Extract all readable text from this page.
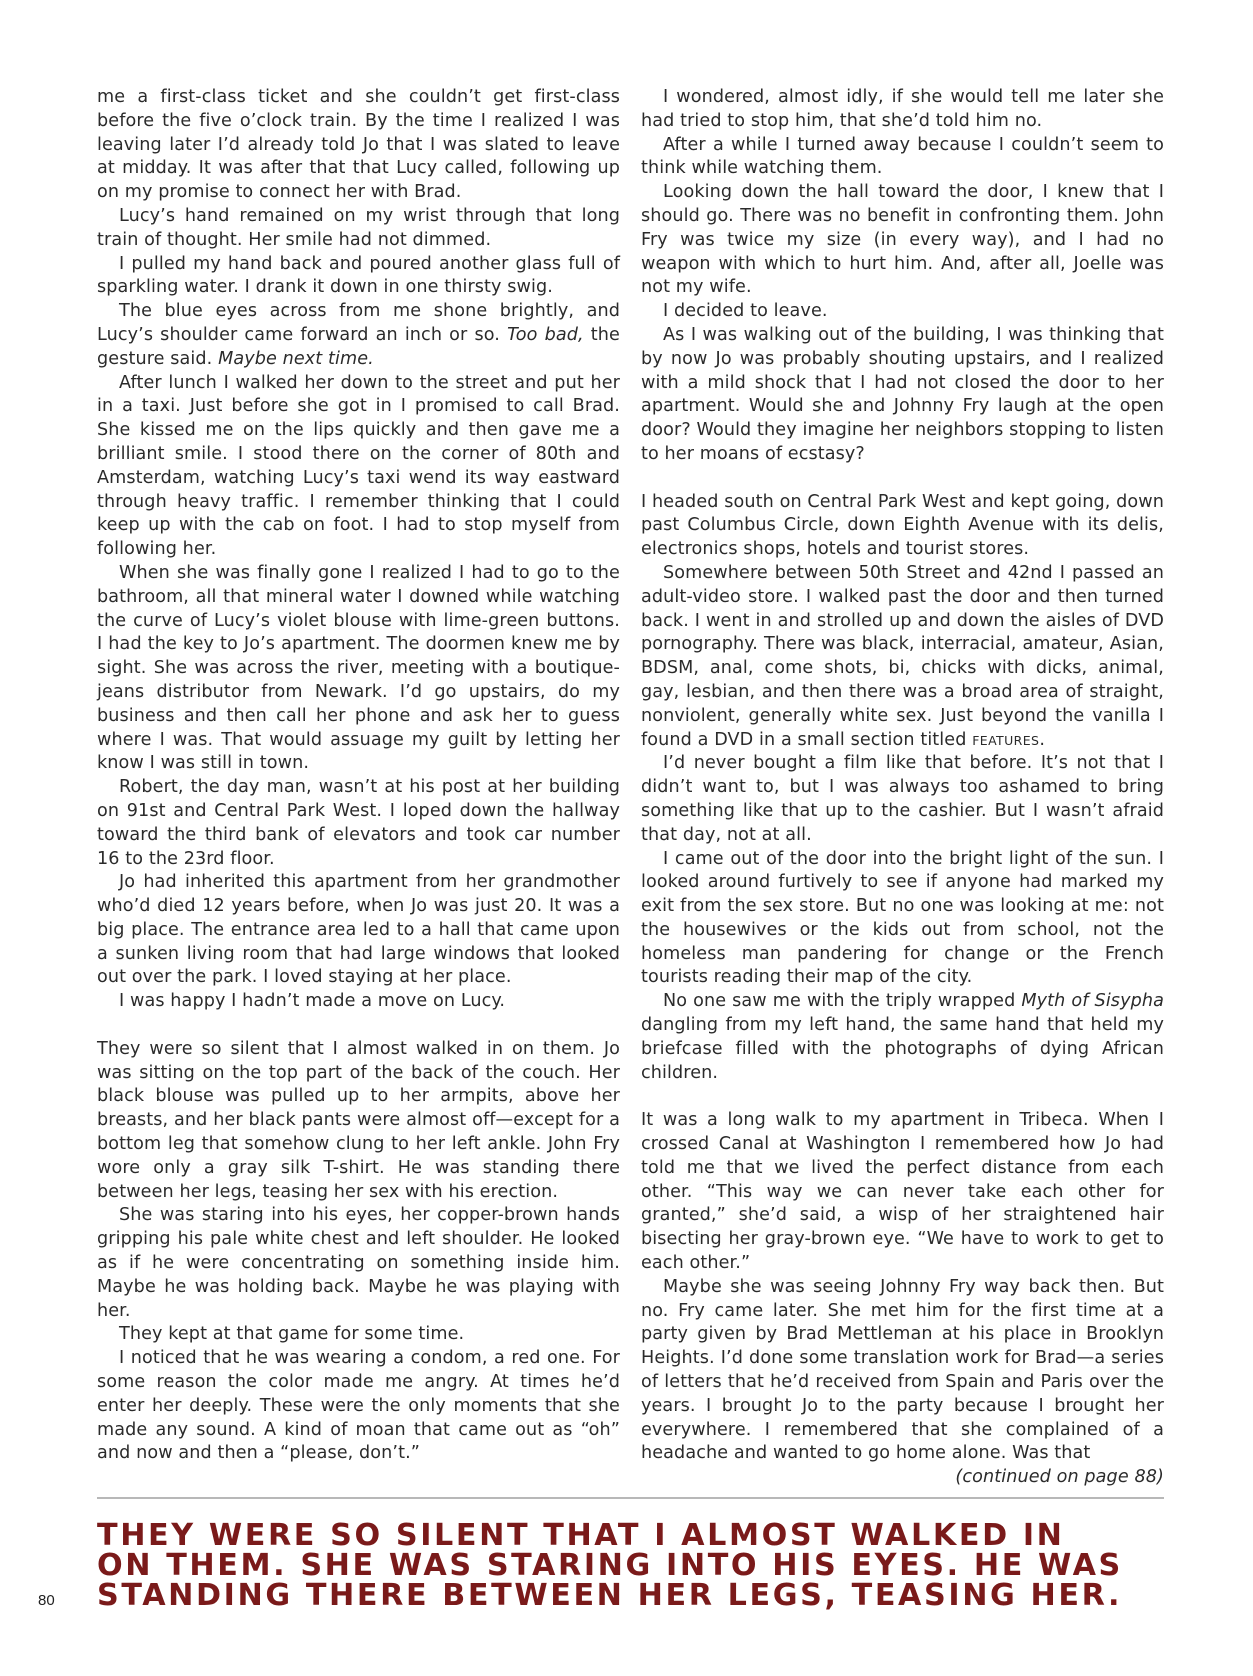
me a first-class ticket and she couldn’t get first-class before the five o’clock train. By the time I realized I was leaving later I’d already told Jo that I was slated to leave at midday. It was after that that Lucy called, following up on my promise to connect her with Brad.

Lucy’s hand remained on my wrist through that long train of thought. Her smile had not dimmed.

I pulled my hand back and poured another glass full of sparkling water. I drank it down in one thirsty swig.

The blue eyes across from me shone brightly, and Lucy’s shoulder came forward an inch or so. Too bad, the gesture said. Maybe next time.

After lunch I walked her down to the street and put her in a taxi. Just before she got in I promised to call Brad. She kissed me on the lips quickly and then gave me a brilliant smile. I stood there on the corner of 80th and Amsterdam, watching Lucy’s taxi wend its way eastward through heavy traffic. I remember thinking that I could keep up with the cab on foot. I had to stop myself from following her.

When she was finally gone I realized I had to go to the bathroom, all that mineral water I downed while watching the curve of Lucy’s violet blouse with lime-green buttons. I had the key to Jo’s apartment. The doormen knew me by sight. She was across the river, meeting with a boutique-jeans distributor from Newark. I’d go upstairs, do my business and then call her phone and ask her to guess where I was. That would assuage my guilt by letting her know I was still in town.

Robert, the day man, wasn’t at his post at her building on 91st and Central Park West. I loped down the hallway toward the third bank of elevators and took car number 16 to the 23rd floor.

Jo had inherited this apartment from her grandmother who’d died 12 years before, when Jo was just 20. It was a big place. The entrance area led to a hall that came upon a sunken living room that had large windows that looked out over the park. I loved staying at her place.

I was happy I hadn’t made a move on Lucy.

They were so silent that I almost walked in on them. Jo was sitting on the top part of the back of the couch. Her black blouse was pulled up to her armpits, above her breasts, and her black pants were almost off—except for a bottom leg that somehow clung to her left ankle. John Fry wore only a gray silk T-shirt. He was standing there between her legs, teasing her sex with his erection.

She was staring into his eyes, her copper-brown hands gripping his pale white chest and left shoulder. He looked as if he were concentrating on something inside him. Maybe he was holding back. Maybe he was playing with her.

They kept at that game for some time.

I noticed that he was wearing a condom, a red one. For some reason the color made me angry. At times he’d enter her deeply. These were the only moments that she made any sound. A kind of moan that came out as “oh” and now and then a “please, don’t.”

I wondered, almost idly, if she would tell me later she had tried to stop him, that she’d told him no.

After a while I turned away because I couldn’t seem to think while watching them.

Looking down the hall toward the door, I knew that I should go. There was no benefit in confronting them. John Fry was twice my size (in every way), and I had no weapon with which to hurt him. And, after all, Joelle was not my wife.

I decided to leave.

As I was walking out of the building, I was thinking that by now Jo was probably shouting upstairs, and I realized with a mild shock that I had not closed the door to her apartment. Would she and Johnny Fry laugh at the open door? Would they imagine her neighbors stopping to listen to her moans of ecstasy?

I headed south on Central Park West and kept going, down past Columbus Circle, down Eighth Avenue with its delis, electronics shops, hotels and tourist stores.

Somewhere between 50th Street and 42nd I passed an adult-video store. I walked past the door and then turned back. I went in and strolled up and down the aisles of DVD pornography. There was black, interracial, amateur, Asian, BDSM, anal, come shots, bi, chicks with dicks, animal, gay, lesbian, and then there was a broad area of straight, nonviolent, generally white sex. Just beyond the vanilla I found a DVD in a small section titled FEATURES.

I’d never bought a film like that before. It’s not that I didn’t want to, but I was always too ashamed to bring something like that up to the cashier. But I wasn’t afraid that day, not at all.

I came out of the door into the bright light of the sun. I looked around furtively to see if anyone had marked my exit from the sex store. But no one was looking at me: not the housewives or the kids out from school, not the homeless man pandering for change or the French tourists reading their map of the city.

No one saw me with the triply wrapped Myth of Sisypha dangling from my left hand, the same hand that held my briefcase filled with the photographs of dying African children.

It was a long walk to my apartment in Tribeca. When I crossed Canal at Washington I remembered how Jo had told me that we lived the perfect distance from each other. “This way we can never take each other for granted,” she’d said, a wisp of her straightened hair bisecting her gray-brown eye. “We have to work to get to each other.”

Maybe she was seeing Johnny Fry way back then. But no. Fry came later. She met him for the first time at a party given by Brad Mettleman at his place in Brooklyn Heights. I’d done some translation work for Brad—a series of letters that he’d received from Spain and Paris over the years. I brought Jo to the party because I brought her everywhere. I remembered that she complained of a headache and wanted to go home alone. Was that
(continued on page 88)

THEY WERE SO SILENT THAT I ALMOST WALKED IN
ON THEM. SHE WAS STARING INTO HIS EYES. HE WAS
STANDING THERE BETWEEN HER LEGS, TEASING HER.

80
